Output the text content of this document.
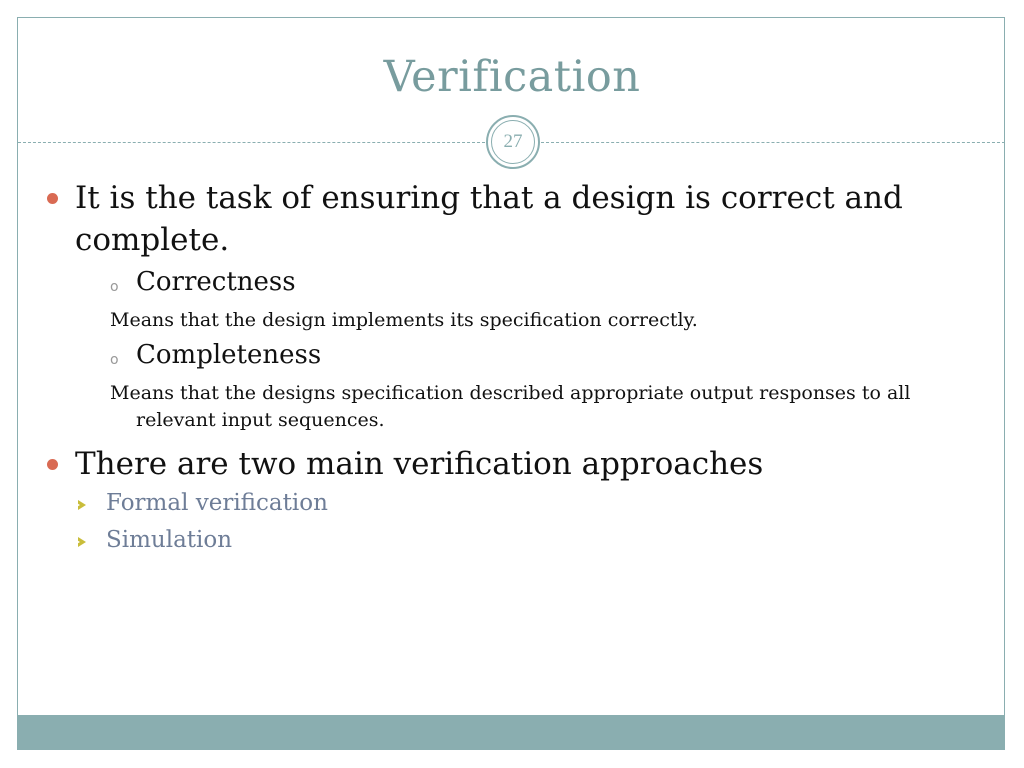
Verification
27
It is the task of ensuring that a design is correct and
complete.
o Correctness
Means that the design implements its specification correctly.
o Completeness
Means that the designs specification described appropriate output responses to all
relevant input sequences.
There are two main verification approaches
Formal verification
Simulation
